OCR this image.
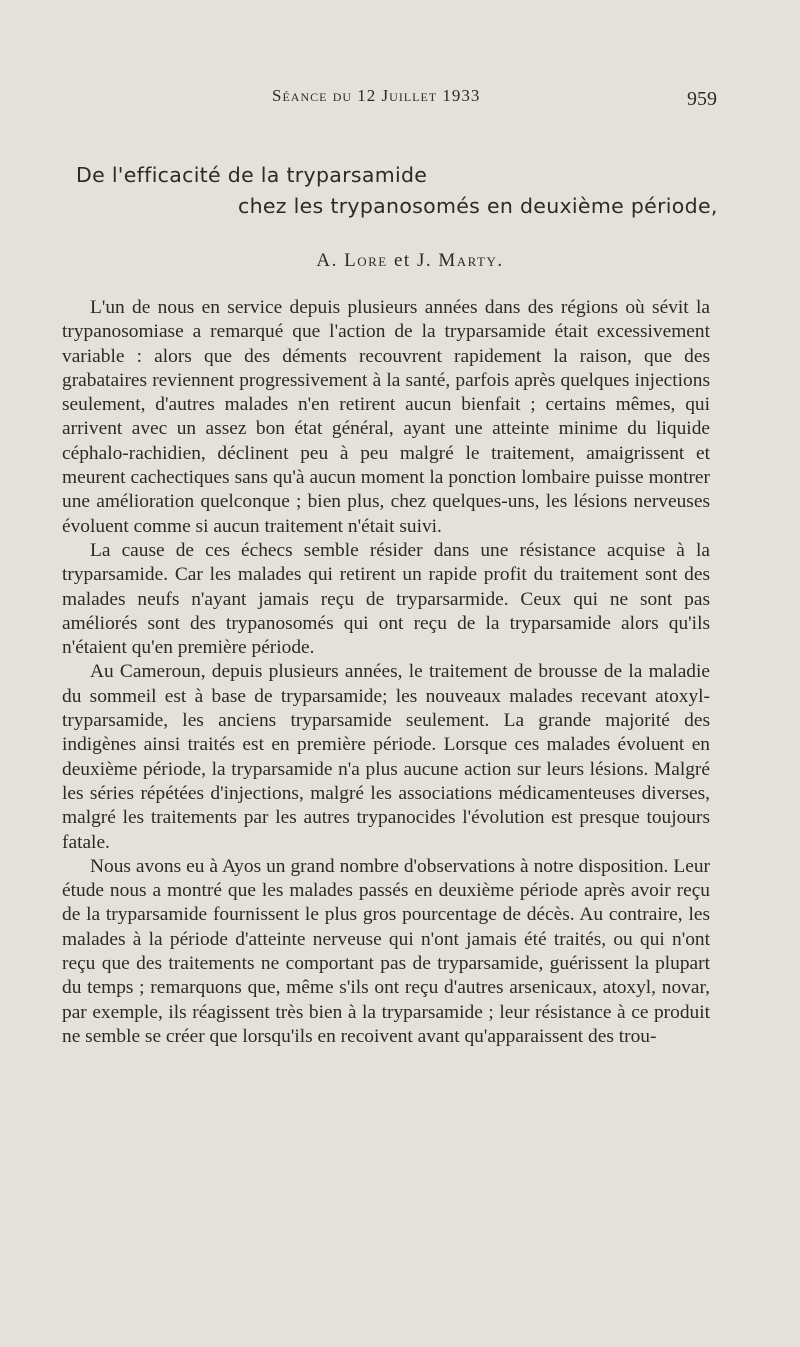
Séance du 12 Juillet 1933	959
De l'efficacité de la tryparsamide
chez les trypanosomés en deuxième période,
A. Lore et J. Marty.

L'un de nous en service depuis plusieurs années dans des régions où sévit la trypanosomiase a remarqué que l'action de la tryparsamide était excessivement variable : alors que des déments recouvrent rapidement la raison, que des grabataires reviennent progressivement à la santé, parfois après quelques injections seulement, d'autres malades n'en retirent aucun bienfait ; certains mêmes, qui arrivent avec un assez bon état général, ayant une atteinte minime du liquide céphalo-rachidien, déclinent peu à peu malgré le traitement, amaigrissent et meurent cachectiques sans qu'à aucun moment la ponction lombaire puisse montrer une amélioration quelconque ; bien plus, chez quelques-uns, les lésions nerveuses évoluent comme si aucun traitement n'était suivi.

La cause de ces échecs semble résider dans une résistance acquise à la tryparsamide. Car les malades qui retirent un rapide profit du traitement sont des malades neufs n'ayant jamais reçu de tryparsarmide. Ceux qui ne sont pas améliorés sont des trypanosomés qui ont reçu de la tryparsamide alors qu'ils n'étaient qu'en première période.

Au Cameroun, depuis plusieurs années, le traitement de brousse de la maladie du sommeil est à base de tryparsamide; les nouveaux malades recevant atoxyl-tryparsamide, les anciens tryparsamide seulement. La grande majorité des indigènes ainsi traités est en première période. Lorsque ces malades évoluent en deuxième période, la tryparsamide n'a plus aucune action sur leurs lésions. Malgré les séries répétées d'injections, malgré les associations médicamenteuses diverses, malgré les traitements par les autres trypanocides l'évolution est presque toujours fatale.

Nous avons eu à Ayos un grand nombre d'observations à notre disposition. Leur étude nous a montré que les malades passés en deuxième période après avoir reçu de la tryparsamide fournissent le plus gros pourcentage de décès. Au contraire, les malades à la période d'atteinte nerveuse qui n'ont jamais été traités, ou qui n'ont reçu que des traitements ne comportant pas de tryparsamide, guérissent la plupart du temps ; remarquons que, même s'ils ont reçu d'autres arsenicaux, atoxyl, novar, par exemple, ils réagissent très bien à la tryparsamide ; leur résistance à ce produit ne semble se créer que lorsqu'ils en recoivent avant qu'apparaissent des trou-
